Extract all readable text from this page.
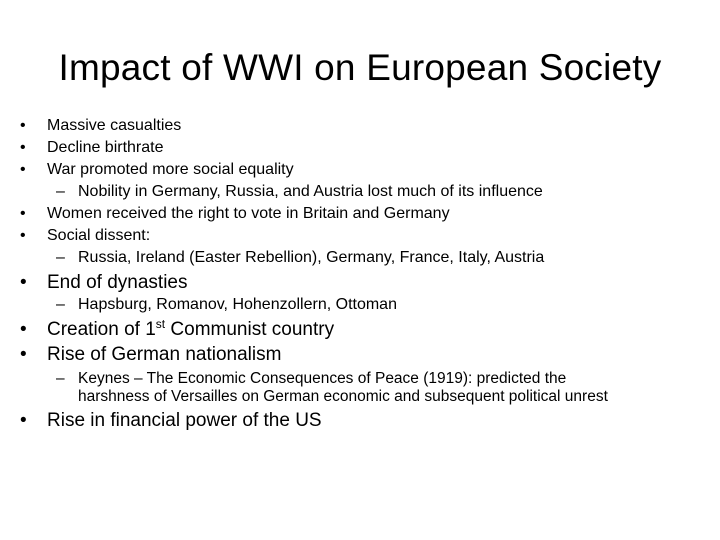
Impact of WWI on European Society
• Massive casualties
• Decline birthrate
• War promoted more social equality
– Nobility in Germany, Russia, and Austria lost much of its influence
• Women received the right to vote in Britain and Germany
• Social dissent:
– Russia, Ireland (Easter Rebellion), Germany, France, Italy, Austria
• End of dynasties
– Hapsburg, Romanov, Hohenzollern, Ottoman
• Creation of 1st Communist country
• Rise of German nationalism
– Keynes – The Economic Consequences of Peace (1919): predicted the
harshness of Versailles on German economic and subsequent political unrest
• Rise in financial power of the US
